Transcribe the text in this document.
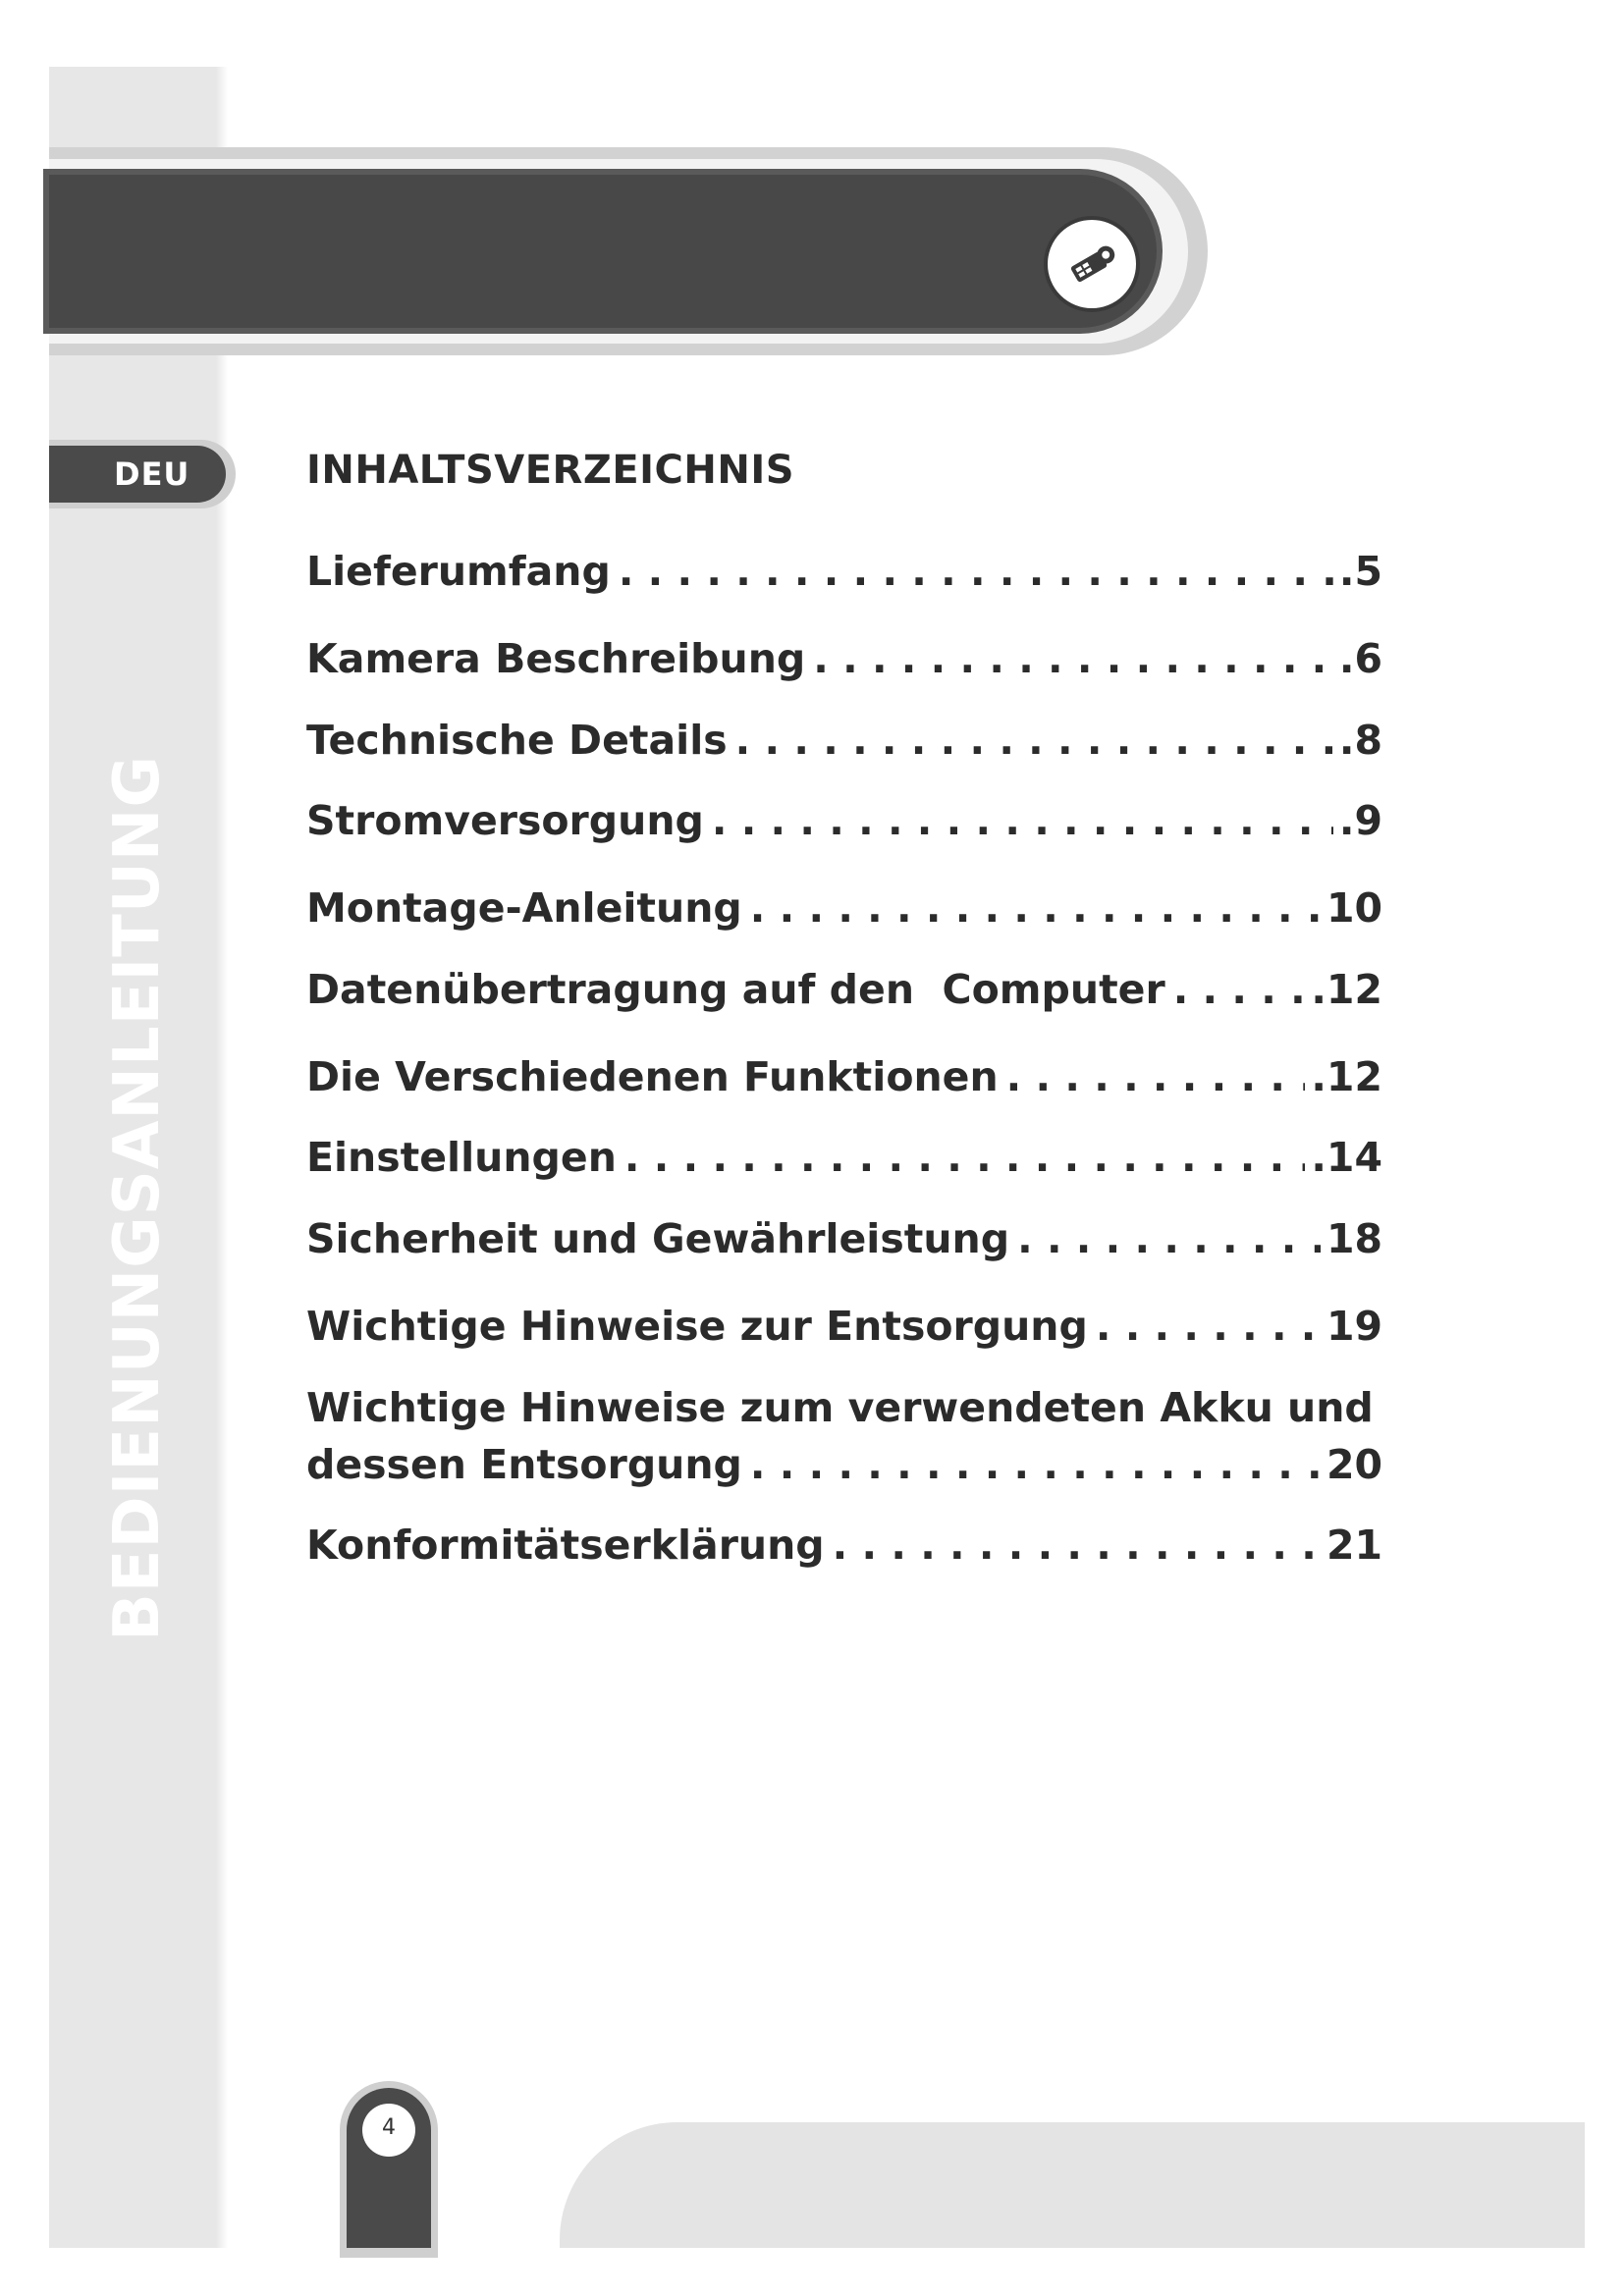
DEU
BEDIENUNGSANLEITUNG
INHALTSVERZEICHNIS
Lieferumfang . . .	.5
Kamera Beschreibung . . .	.6
Technische Details . . .	.8
Stromversorgung . . .	.9
Montage-Anleitung . . .	10
Datenübertragung auf den  Computer . . .	.12
Die Verschiedenen Funktionen . . .	.12
Einstellungen . . .	.14
Sicherheit und Gewährleistung . . .	18
Wichtige Hinweise zur Entsorgung . . .	19
Wichtige Hinweise zum verwendeten Akku und
dessen Entsorgung . . .	20
Konformitätserklärung . . .	21
4
